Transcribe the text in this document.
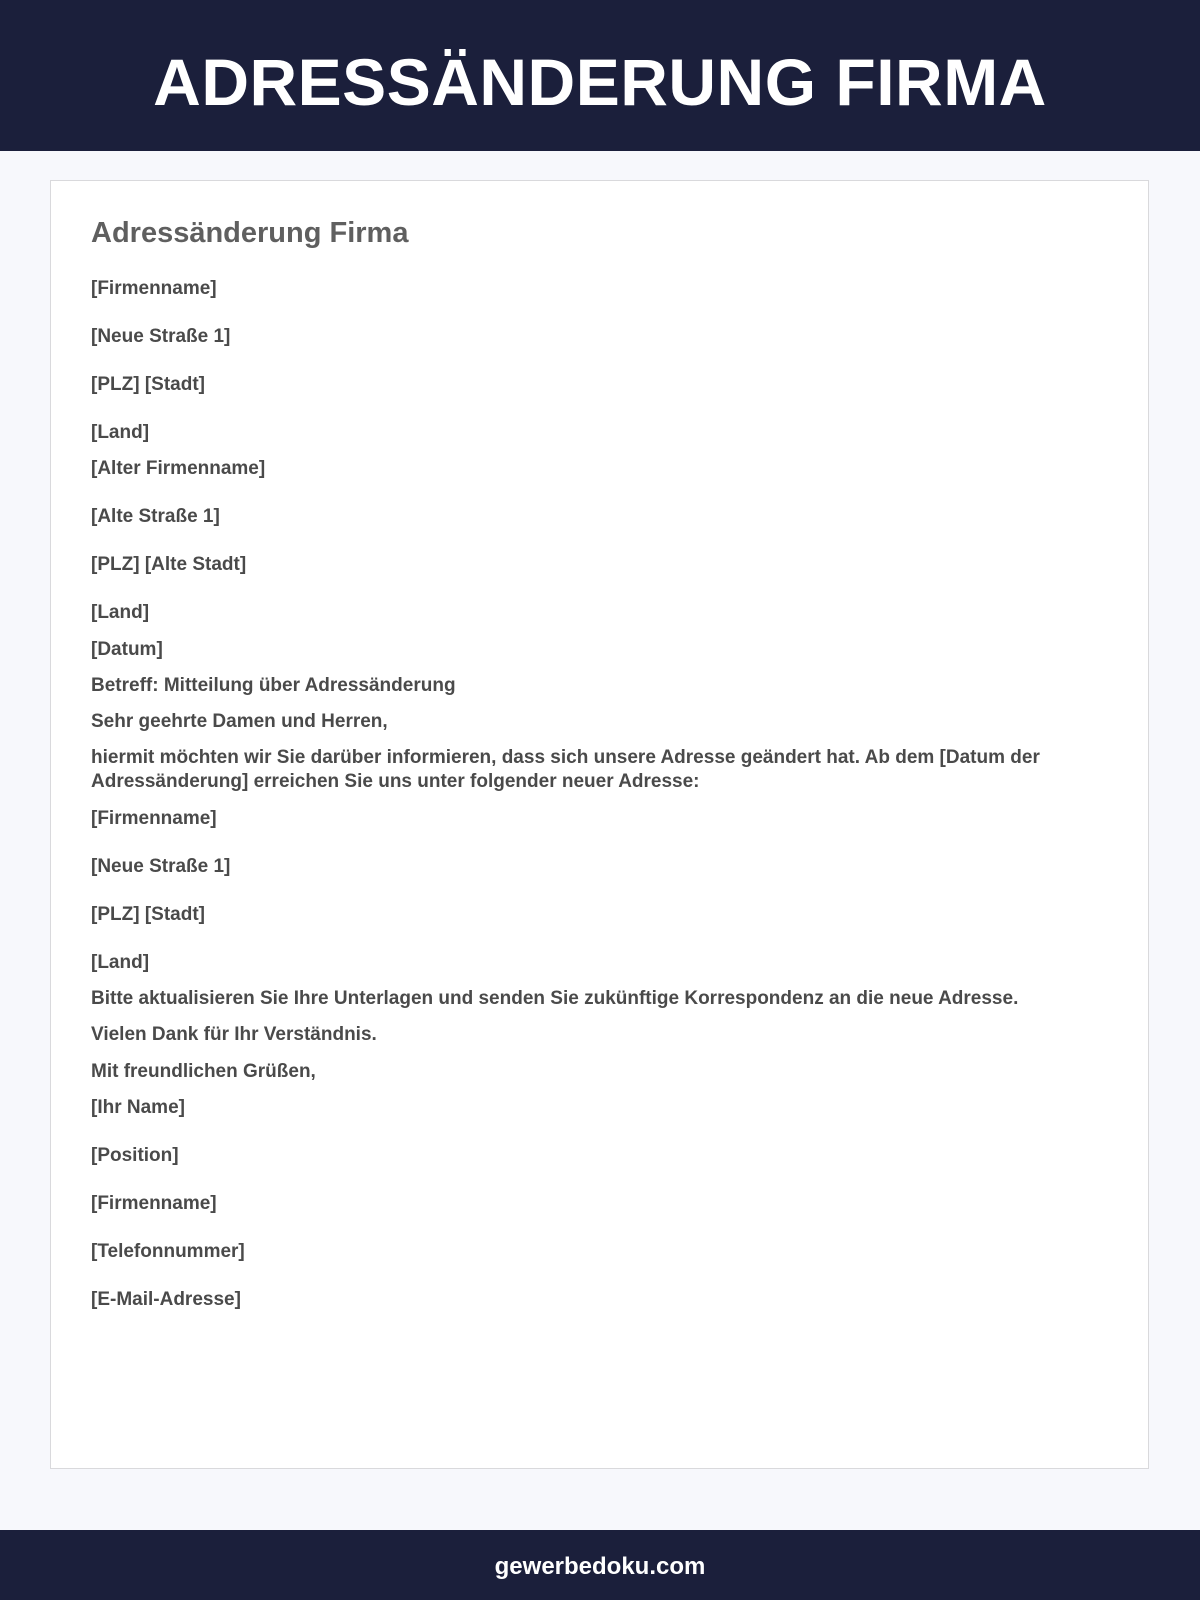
ADRESSÄNDERUNG FIRMA
Adressänderung Firma

[Firmenname]

[Neue Straße 1]

[PLZ] [Stadt]

[Land]

[Alter Firmenname]

[Alte Straße 1]

[PLZ] [Alte Stadt]

[Land]

[Datum]

Betreff: Mitteilung über Adressänderung

Sehr geehrte Damen und Herren,

hiermit möchten wir Sie darüber informieren, dass sich unsere Adresse geändert hat. Ab dem [Datum der Adressänderung] erreichen Sie uns unter folgender neuer Adresse:

[Firmenname]

[Neue Straße 1]

[PLZ] [Stadt]

[Land]

Bitte aktualisieren Sie Ihre Unterlagen und senden Sie zukünftige Korrespondenz an die neue Adresse.

Vielen Dank für Ihr Verständnis.

Mit freundlichen Grüßen,

[Ihr Name]

[Position]

[Firmenname]

[Telefonnummer]

[E-Mail-Adresse]

gewerbedoku.com
